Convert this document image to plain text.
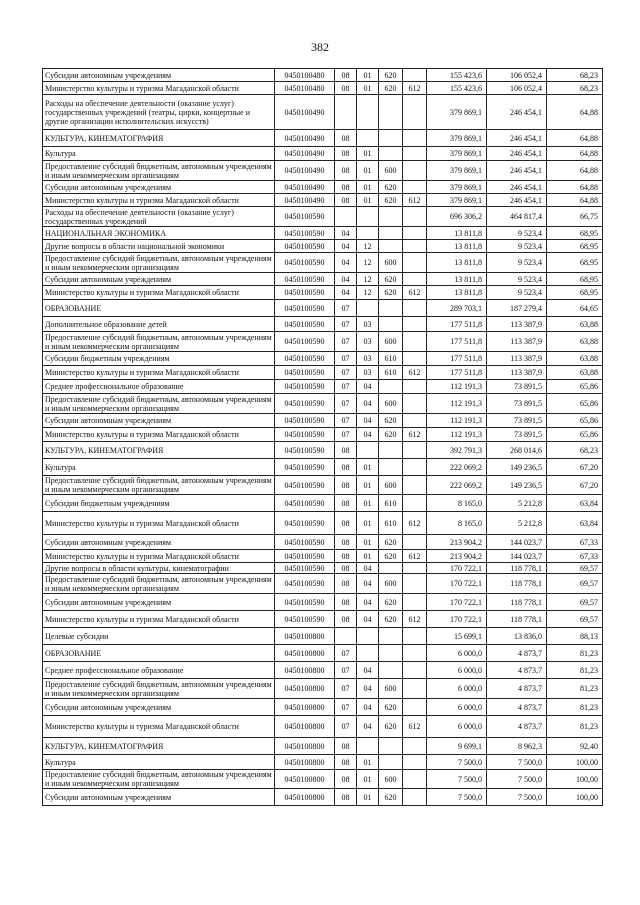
382
Субсидии автономным учреждениям	0450100480	08	01	620		155 423,6	106 052,4	68,23
Министерство культуры и туризма Магаданской области	0450100480	08	01	620	612	155 423,6	106 052,4	68,23
Расходы на обеспечение деятельности (оказание услуг) государственных учреждений (театры, цирки, концертные и другие организации исполнительских искусств)	0450100490					379 869,1	246 454,1	64,88
КУЛЬТУРА, КИНЕМАТОГРАФИЯ	0450100490	08				379 869,1	246 454,1	64,88
Культура	0450100490	08	01			379 869,1	246 454,1	64,88
Предоставление субсидий бюджетным, автономным учреждениям и иным некоммерческим организациям	0450100490	08	01	600		379 869,1	246 454,1	64,88
Субсидии автономным учреждениям	0450100490	08	01	620		379 869,1	246 454,1	64,88
Министерство культуры и туризма Магаданской области	0450100490	08	01	620	612	379 869,1	246 454,1	64,88
Расходы на обеспечение деятельности (оказание услуг) государственных учреждений	0450100590					696 306,2	464 817,4	66,75
НАЦИОНАЛЬНАЯ ЭКОНОМИКА	0450100590	04				13 811,8	9 523,4	68,95
Другие вопросы в области национальной экономики	0450100590	04	12			13 811,8	9 523,4	68,95
Предоставление субсидий бюджетным, автономным учреждениям и иным некоммерческим организациям	0450100590	04	12	600		13 811,8	9 523,4	68,95
Субсидии автономным учреждениям	0450100590	04	12	620		13 811,8	9 523,4	68,95
Министерство культуры и туризма Магаданской области	0450100590	04	12	620	612	13 811,8	9 523,4	68,95
ОБРАЗОВАНИЕ	0450100590	07				289 703,1	187 279,4	64,65
Дополнительное образование детей	0450100590	07	03			177 511,8	113 387,9	63,88
Предоставление субсидий бюджетным, автономным учреждениям и иным некоммерческим организациям	0450100590	07	03	600		177 511,8	113 387,9	63,88
Субсидии бюджетным учреждениям	0450100590	07	03	610		177 511,8	113 387,9	63,88
Министерство культуры и туризма Магаданской области	0450100590	07	03	610	612	177 511,8	113 387,9	63,88
Среднее профессиональное образование	0450100590	07	04			112 191,3	73 891,5	65,86
Предоставление субсидий бюджетным, автономным учреждениям и иным некоммерческим организациям	0450100590	07	04	600		112 191,3	73 891,5	65,86
Субсидии автономным учреждениям	0450100590	07	04	620		112 191,3	73 891,5	65,86
Министерство культуры и туризма Магаданской области	0450100590	07	04	620	612	112 191,3	73 891,5	65,86
КУЛЬТУРА, КИНЕМАТОГРАФИЯ	0450100590	08				392 791,3	268 014,6	68,23
Культура	0450100590	08	01			222 069,2	149 236,5	67,20
Предоставление субсидий бюджетным, автономным учреждениям и иным некоммерческим организациям	0450100590	08	01	600		222 069,2	149 236,5	67,20
Субсидии бюджетным учреждениям	0450100590	08	01	610		8 165,0	5 212,8	63,84
Министерство культуры и туризма Магаданской области	0450100590	08	01	610	612	8 165,0	5 212,8	63,84
Субсидии автономным учреждениям	0450100590	08	01	620		213 904,2	144 023,7	67,33
Министерство культуры и туризма Магаданской области	0450100590	08	01	620	612	213 904,2	144 023,7	67,33
Другие вопросы в области культуры, кинематографии	0450100590	08	04			170 722,1	118 778,1	69,57
Предоставление субсидий бюджетным, автономным учреждениям и иным некоммерческим организациям	0450100590	08	04	600		170 722,1	118 778,1	69,57
Субсидии автономным учреждениям	0450100590	08	04	620		170 722,1	118 778,1	69,57
Министерство культуры и туризма Магаданской области	0450100590	08	04	620	612	170 722,1	118 778,1	69,57
Целевые субсидии	0450100800					15 699,1	13 836,0	88,13
ОБРАЗОВАНИЕ	0450100800	07				6 000,0	4 873,7	81,23
Среднее профессиональное образование	0450100800	07	04			6 000,0	4 873,7	81,23
Предоставление субсидий бюджетным, автономным учреждениям и иным некоммерческим организациям	0450100800	07	04	600		6 000,0	4 873,7	81,23
Субсидии автономным учреждениям	0450100800	07	04	620		6 000,0	4 873,7	81,23
Министерство культуры и туризма Магаданской области	0450100800	07	04	620	612	6 000,0	4 873,7	81,23
КУЛЬТУРА, КИНЕМАТОГРАФИЯ	0450100800	08				9 699,1	8 962,3	92,40
Культура	0450100800	08	01			7 500,0	7 500,0	100,00
Предоставление субсидий бюджетным, автономным учреждениям и иным некоммерческим организациям	0450100800	08	01	600		7 500,0	7 500,0	100,00
Субсидии автономным учреждениям	0450100800	08	01	620		7 500,0	7 500,0	100,00
